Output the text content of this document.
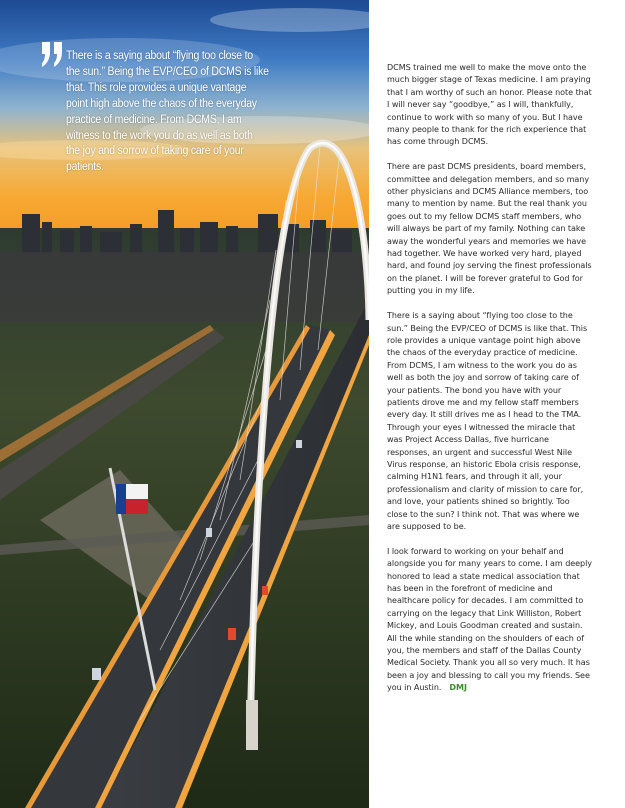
There is a saying about “flying too close to the sun.” Being the EVP/CEO of DCMS is like that. This role provides a unique vantage point high above the chaos of the everyday practice of medicine. From DCMS, I am witness to the work you do as well as both the joy and sorrow of taking care of your patients.

DCMS trained me well to make the move onto the much bigger stage of Texas medicine. I am praying that I am worthy of such an honor. Please note that I will never say “goodbye,” as I will, thankfully, continue to work with so many of you. But I have many people to thank for the rich experience that has come through DCMS.

There are past DCMS presidents, board members, committee and delegation members, and so many other physicians and DCMS Alliance members, too many to mention by name. But the real thank you goes out to my fellow DCMS staff members, who will always be part of my family. Nothing can take away the wonderful years and memories we have had together. We have worked very hard, played hard, and found joy serving the finest professionals on the planet. I will be forever grateful to God for putting you in my life.

There is a saying about “flying too close to the sun.” Being the EVP/CEO of DCMS is like that. This role provides a unique vantage point high above the chaos of the everyday practice of medicine. From DCMS, I am witness to the work you do as well as both the joy and sorrow of taking care of your patients. The bond you have with your patients drove me and my fellow staff members every day. It still drives me as I head to the TMA. Through your eyes I witnessed the miracle that was Project Access Dallas, five hurricane responses, an urgent and successful West Nile Virus response, an historic Ebola crisis response, calming H1N1 fears, and through it all, your professionalism and clarity of mission to care for, and love, your patients shined so brightly. Too close to the sun? I think not. That was where we are supposed to be.

I look forward to working on your behalf and alongside you for many years to come. I am deeply honored to lead a state medical association that has been in the forefront of medicine and healthcare policy for decades. I am committed to carrying on the legacy that Link Williston, Robert Mickey, and Louis Goodman created and sustain. All the while standing on the shoulders of each of you, the members and staff of the Dallas County Medical Society. Thank you all so very much. It has been a joy and blessing to call you my friends. See you in Austin. DMJ
